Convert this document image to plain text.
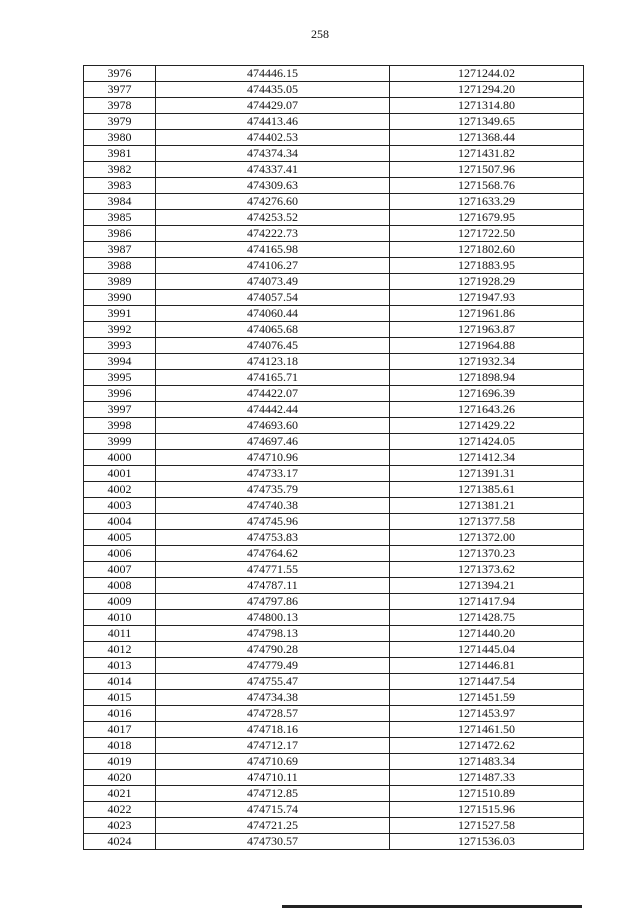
258
3976	474446.15	1271244.02
3977	474435.05	1271294.20
3978	474429.07	1271314.80
3979	474413.46	1271349.65
3980	474402.53	1271368.44
3981	474374.34	1271431.82
3982	474337.41	1271507.96
3983	474309.63	1271568.76
3984	474276.60	1271633.29
3985	474253.52	1271679.95
3986	474222.73	1271722.50
3987	474165.98	1271802.60
3988	474106.27	1271883.95
3989	474073.49	1271928.29
3990	474057.54	1271947.93
3991	474060.44	1271961.86
3992	474065.68	1271963.87
3993	474076.45	1271964.88
3994	474123.18	1271932.34
3995	474165.71	1271898.94
3996	474422.07	1271696.39
3997	474442.44	1271643.26
3998	474693.60	1271429.22
3999	474697.46	1271424.05
4000	474710.96	1271412.34
4001	474733.17	1271391.31
4002	474735.79	1271385.61
4003	474740.38	1271381.21
4004	474745.96	1271377.58
4005	474753.83	1271372.00
4006	474764.62	1271370.23
4007	474771.55	1271373.62
4008	474787.11	1271394.21
4009	474797.86	1271417.94
4010	474800.13	1271428.75
4011	474798.13	1271440.20
4012	474790.28	1271445.04
4013	474779.49	1271446.81
4014	474755.47	1271447.54
4015	474734.38	1271451.59
4016	474728.57	1271453.97
4017	474718.16	1271461.50
4018	474712.17	1271472.62
4019	474710.69	1271483.34
4020	474710.11	1271487.33
4021	474712.85	1271510.89
4022	474715.74	1271515.96
4023	474721.25	1271527.58
4024	474730.57	1271536.03
